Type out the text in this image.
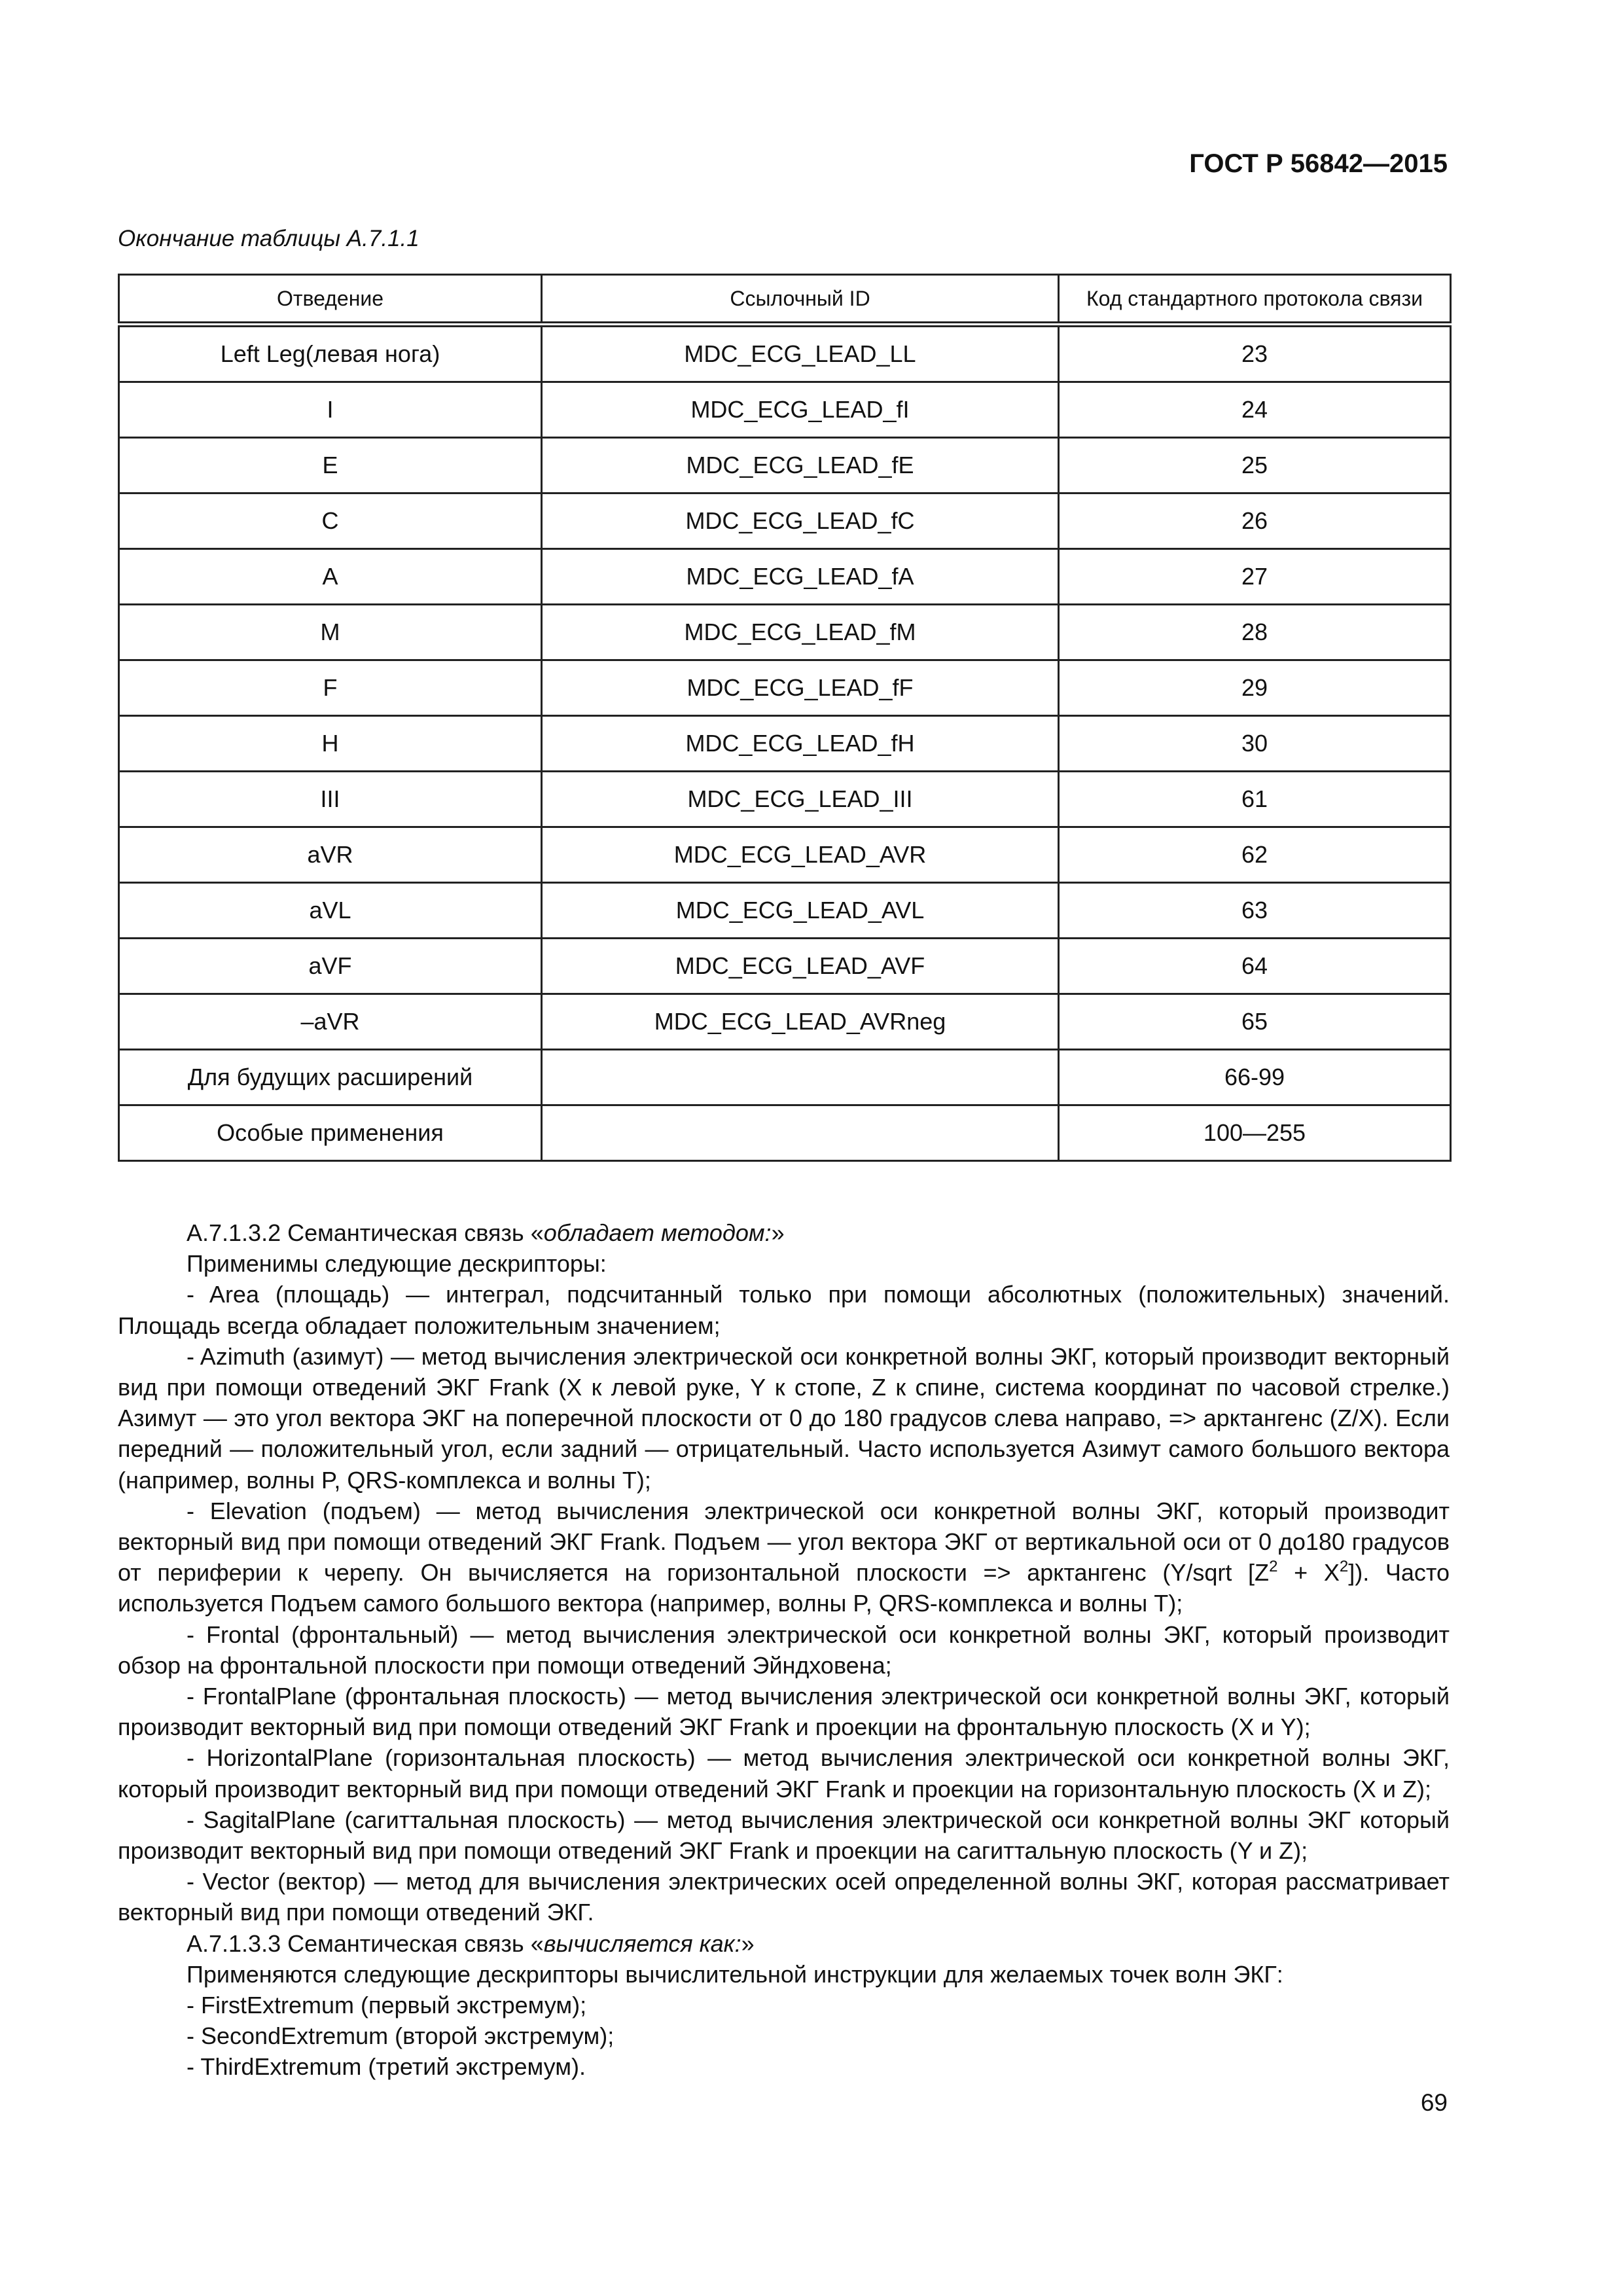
ГОСТ Р 56842—2015
Окончание таблицы А.7.1.1
Отведение	Ссылочный ID	Код стандартного протокола связи
Left Leg(левая нога)	MDC_ECG_LEAD_LL	23
I	MDC_ECG_LEAD_fI	24
E	MDC_ECG_LEAD_fE	25
C	MDC_ECG_LEAD_fC	26
A	MDC_ECG_LEAD_fA	27
M	MDC_ECG_LEAD_fM	28
F	MDC_ECG_LEAD_fF	29
H	MDC_ECG_LEAD_fH	30
III	MDC_ECG_LEAD_III	61
aVR	MDC_ECG_LEAD_AVR	62
aVL	MDC_ECG_LEAD_AVL	63
aVF	MDC_ECG_LEAD_AVF	64
–aVR	MDC_ECG_LEAD_AVRneg	65
Для будущих расширений		66-99
Особые применения		100—255

А.7.1.3.2 Семантическая связь «обладает методом:»

Применимы следующие дескрипторы:

- Area (площадь) — интеграл, подсчитанный только при помощи абсолютных (положительных) значений. Площадь всегда обладает положительным значением;

- Azimuth (азимут) — метод вычисления электрической оси конкретной волны ЭКГ, который производит векторный вид при помощи отведений ЭКГ Frank (X к левой руке, Y к стопе, Z к спине, система координат по часовой стрелке.) Азимут — это угол вектора ЭКГ на поперечной плоскости от 0 до 180 градусов слева направо, => арктангенс (Z/X). Если передний — положительный угол, если задний — отрицательный. Часто используется Азимут самого большого вектора (например, волны P, QRS-комплекса и волны T);

- Elevation (подъем) — метод вычисления электрической оси конкретной волны ЭКГ, который производит векторный вид при помощи отведений ЭКГ Frank. Подъем — угол вектора ЭКГ от вертикальной оси от 0 до180 градусов от периферии к черепу. Он вычисляется на горизонтальной плоскости => арктангенс (Y/sqrt $[Z^2 + X^2]$). Часто используется Подъем самого большого вектора (например, волны P, QRS-комплекса и волны T);

- Frontal (фронтальный) — метод вычисления электрической оси конкретной волны ЭКГ, который производит обзор на фронтальной плоскости при помощи отведений Эйндховена;

- FrontalPlane (фронтальная плоскость) — метод вычисления электрической оси конкретной волны ЭКГ, который производит векторный вид при помощи отведений ЭКГ Frank и проекции на фронтальную плоскость (X и Y);

- HorizontalPlane (горизонтальная плоскость) — метод вычисления электрической оси конкретной волны ЭКГ, который производит векторный вид при помощи отведений ЭКГ Frank и проекции на горизонтальную плоскость (X и Z);

- SagitalPlane (сагиттальная плоскость) — метод вычисления электрической оси конкретной волны ЭКГ который производит векторный вид при помощи отведений ЭКГ Frank и проекции на сагиттальную плоскость (Y и Z);

- Vector (вектор) — метод для вычисления электрических осей определенной волны ЭКГ, которая рассматривает векторный вид при помощи отведений ЭКГ.

А.7.1.3.3 Семантическая связь «вычисляется как:»

Применяются следующие дескрипторы вычислительной инструкции для желаемых точек волн ЭКГ:

- FirstExtremum (первый экстремум);

- SecondExtremum (второй экстремум);

- ThirdExtremum (третий экстремум).

69
